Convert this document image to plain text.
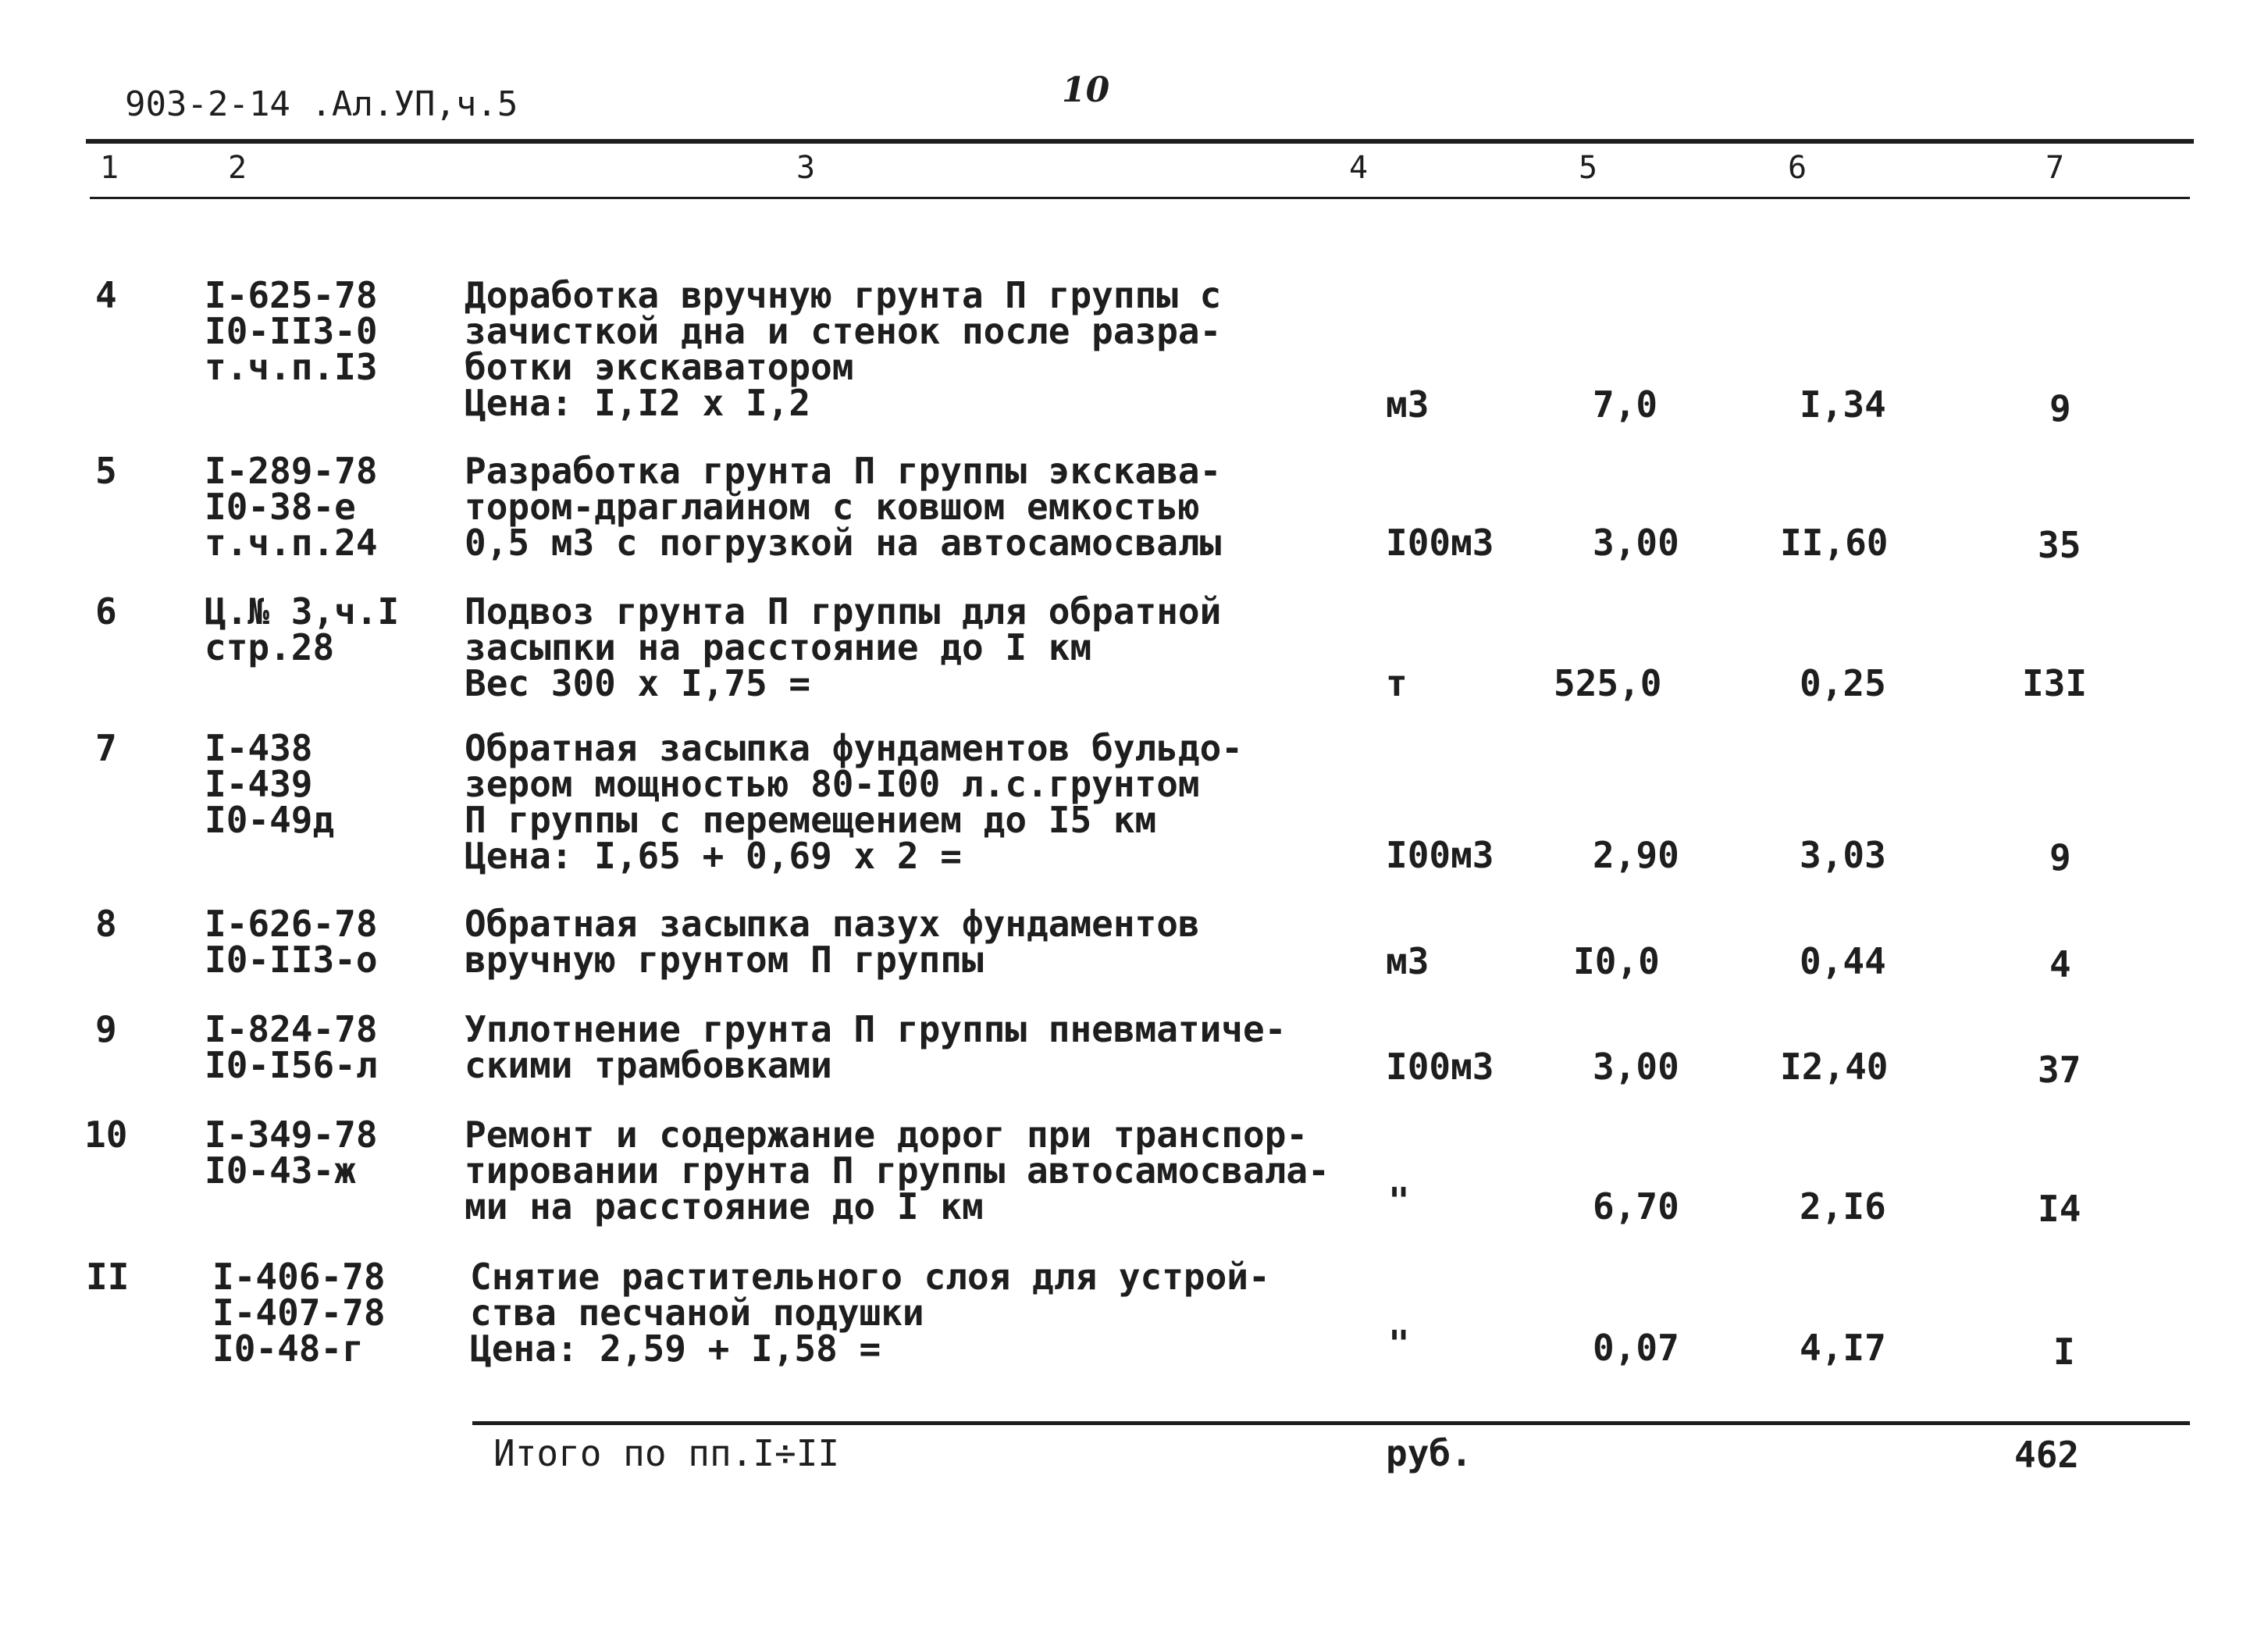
903-2-14 .Ал.УП,ч.5	10
1	2	3	4	5	6	7
4 I-625-78
I0-II3-0
т.ч.п.I3
Доработка вручную грунта П группы с
зачисткой дна и стенок после разра-
ботки экскаватором
Цена: I,I2 х I,2	м3	7,0	I,34	9
5 I-289-78
I0-38-е
т.ч.п.24
Разработка грунта П группы экскава-
тором-драглайном с ковшом емкостью
0,5 м3 с погрузкой на автосамосвалы	I00м3	3,00	II,60	35
6 Ц.№ 3,ч.I
стр.28
Подвоз грунта П группы для обратной
засыпки на расстояние до I км
Вес 300 х I,75 =	т	525,0	0,25	I3I
7 I-438
I-439
I0-49д
Обратная засыпка фундаментов бульдо-
зером мощностью 80-I00 л.с.грунтом
П группы с перемещением до I5 км
Цена: I,65 + 0,69 х 2 =	I00м3	2,90	3,03	9
8 I-626-78
I0-II3-о
Обратная засыпка пазух фундаментов
вручную грунтом П группы	м3	I0,0	0,44	4
9 I-824-78
I0-I56-л
Уплотнение грунта П группы пневматиче-
скими трамбовками	I00м3	3,00	I2,40	37
10 I-349-78
I0-43-ж
Ремонт и содержание дорог при транспор-
тировании грунта П группы автосамосвала-
ми на расстояние до I км	"	6,70	2,I6	I4
II I-406-78
I-407-78
I0-48-г
Снятие растительного слоя для устрой-
ства песчаной подушки
Цена: 2,59 + I,58 =	"	0,07	4,I7	I
Итого по пп.I÷II	руб.	462
